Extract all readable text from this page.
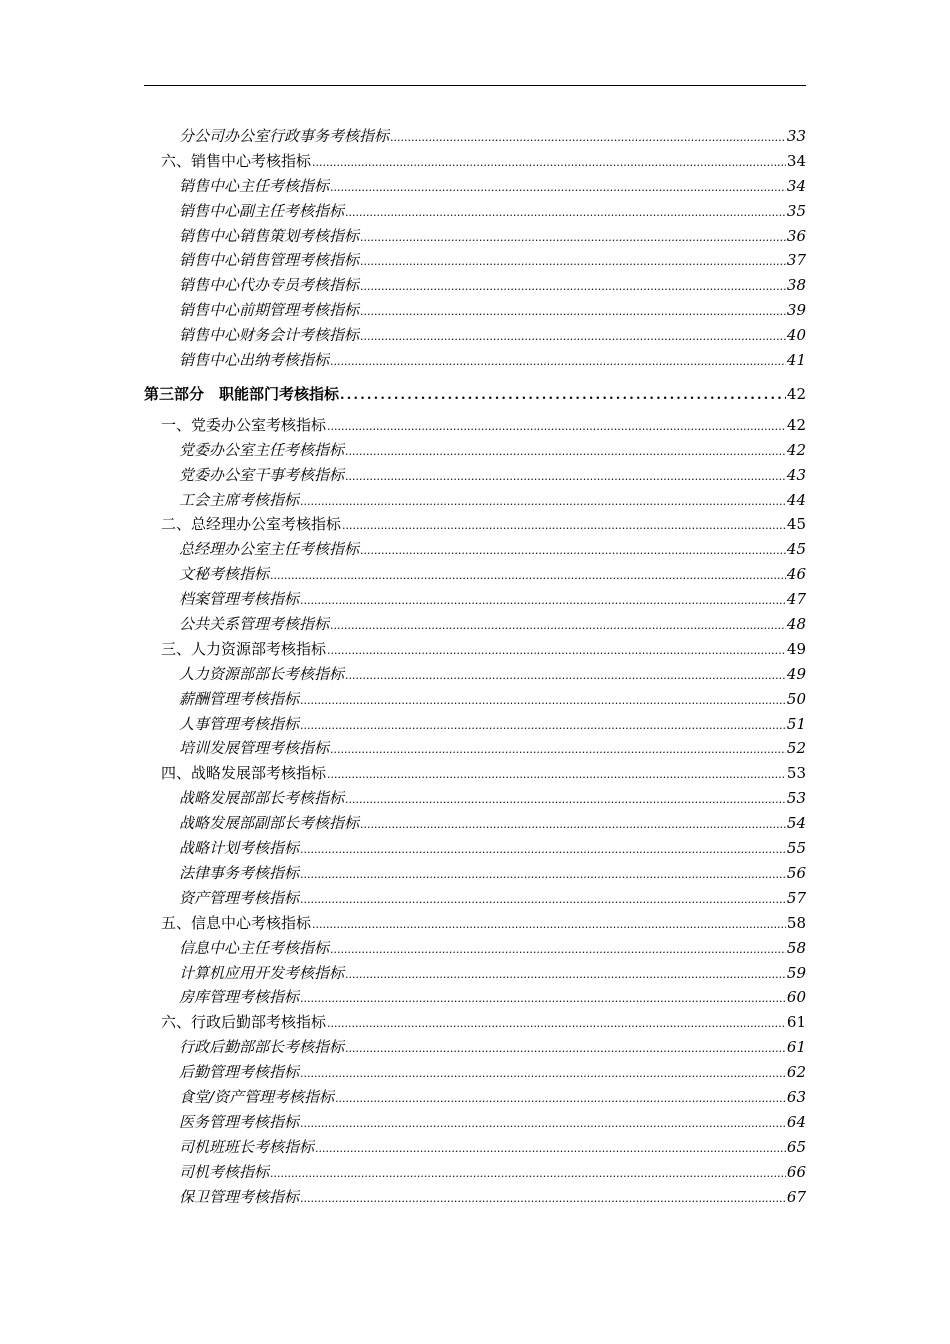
分公司办公室行政事务考核指标 .....	33
六、销售中心考核指标 .....	34
销售中心主任考核指标 .....	34
销售中心副主任考核指标 .....	35
销售中心销售策划考核指标 .....	36
销售中心销售管理考核指标 .....	37
销售中心代办专员考核指标 .....	38
销售中心前期管理考核指标 .....	39
销售中心财务会计考核指标 .....	40
销售中心出纳考核指标 .....	41
第三部分　职能部门考核指标 .....	42
一、党委办公室考核指标 .....	42
党委办公室主任考核指标 .....	42
党委办公室干事考核指标 .....	43
工会主席考核指标 .....	44
二、总经理办公室考核指标 .....	45
总经理办公室主任考核指标 .....	45
文秘考核指标 .....	46
档案管理考核指标 .....	47
公共关系管理考核指标 .....	48
三、人力资源部考核指标 .....	49
人力资源部部长考核指标 .....	49
薪酬管理考核指标 .....	50
人事管理考核指标 .....	51
培训发展管理考核指标 .....	52
四、战略发展部考核指标 .....	53
战略发展部部长考核指标 .....	53
战略发展部副部长考核指标 .....	54
战略计划考核指标 .....	55
法律事务考核指标 .....	56
资产管理考核指标 .....	57
五、信息中心考核指标 .....	58
信息中心主任考核指标 .....	58
计算机应用开发考核指标 .....	59
房库管理考核指标 .....	60
六、行政后勤部考核指标 .....	61
行政后勤部部长考核指标 .....	61
后勤管理考核指标 .....	62
食堂/资产管理考核指标 .....	63
医务管理考核指标 .....	64
司机班班长考核指标 .....	65
司机考核指标 .....	66
保卫管理考核指标 .....	67
